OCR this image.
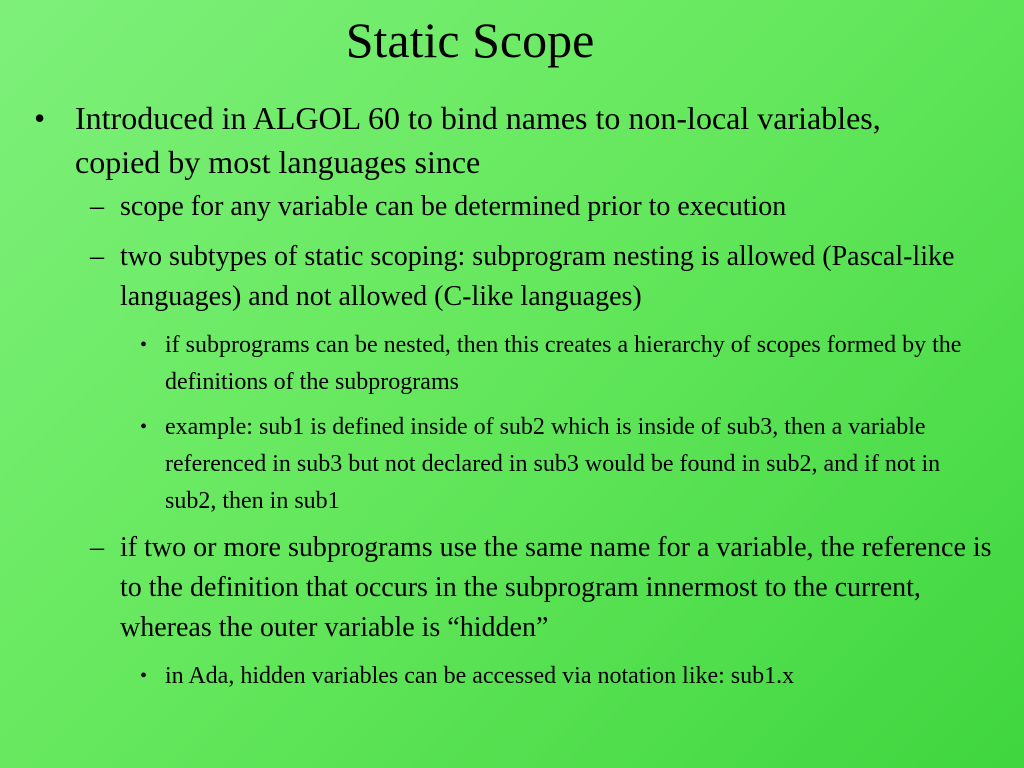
Static Scope

• Introduced in ALGOL 60 to bind names to non-local variables, copied by most languages since

– scope for any variable can be determined prior to execution

– two subtypes of static scoping: subprogram nesting is allowed (Pascal-like languages) and not allowed (C-like languages)

• if subprograms can be nested, then this creates a hierarchy of scopes formed by the definitions of the subprograms

• example: sub1 is defined inside of sub2 which is inside of sub3, then a variable referenced in sub3 but not declared in sub3 would be found in sub2, and if not in sub2, then in sub1

– if two or more subprograms use the same name for a variable, the reference is to the definition that occurs in the subprogram innermost to the current, whereas the outer variable is “hidden”

• in Ada, hidden variables can be accessed via notation like: sub1.x
